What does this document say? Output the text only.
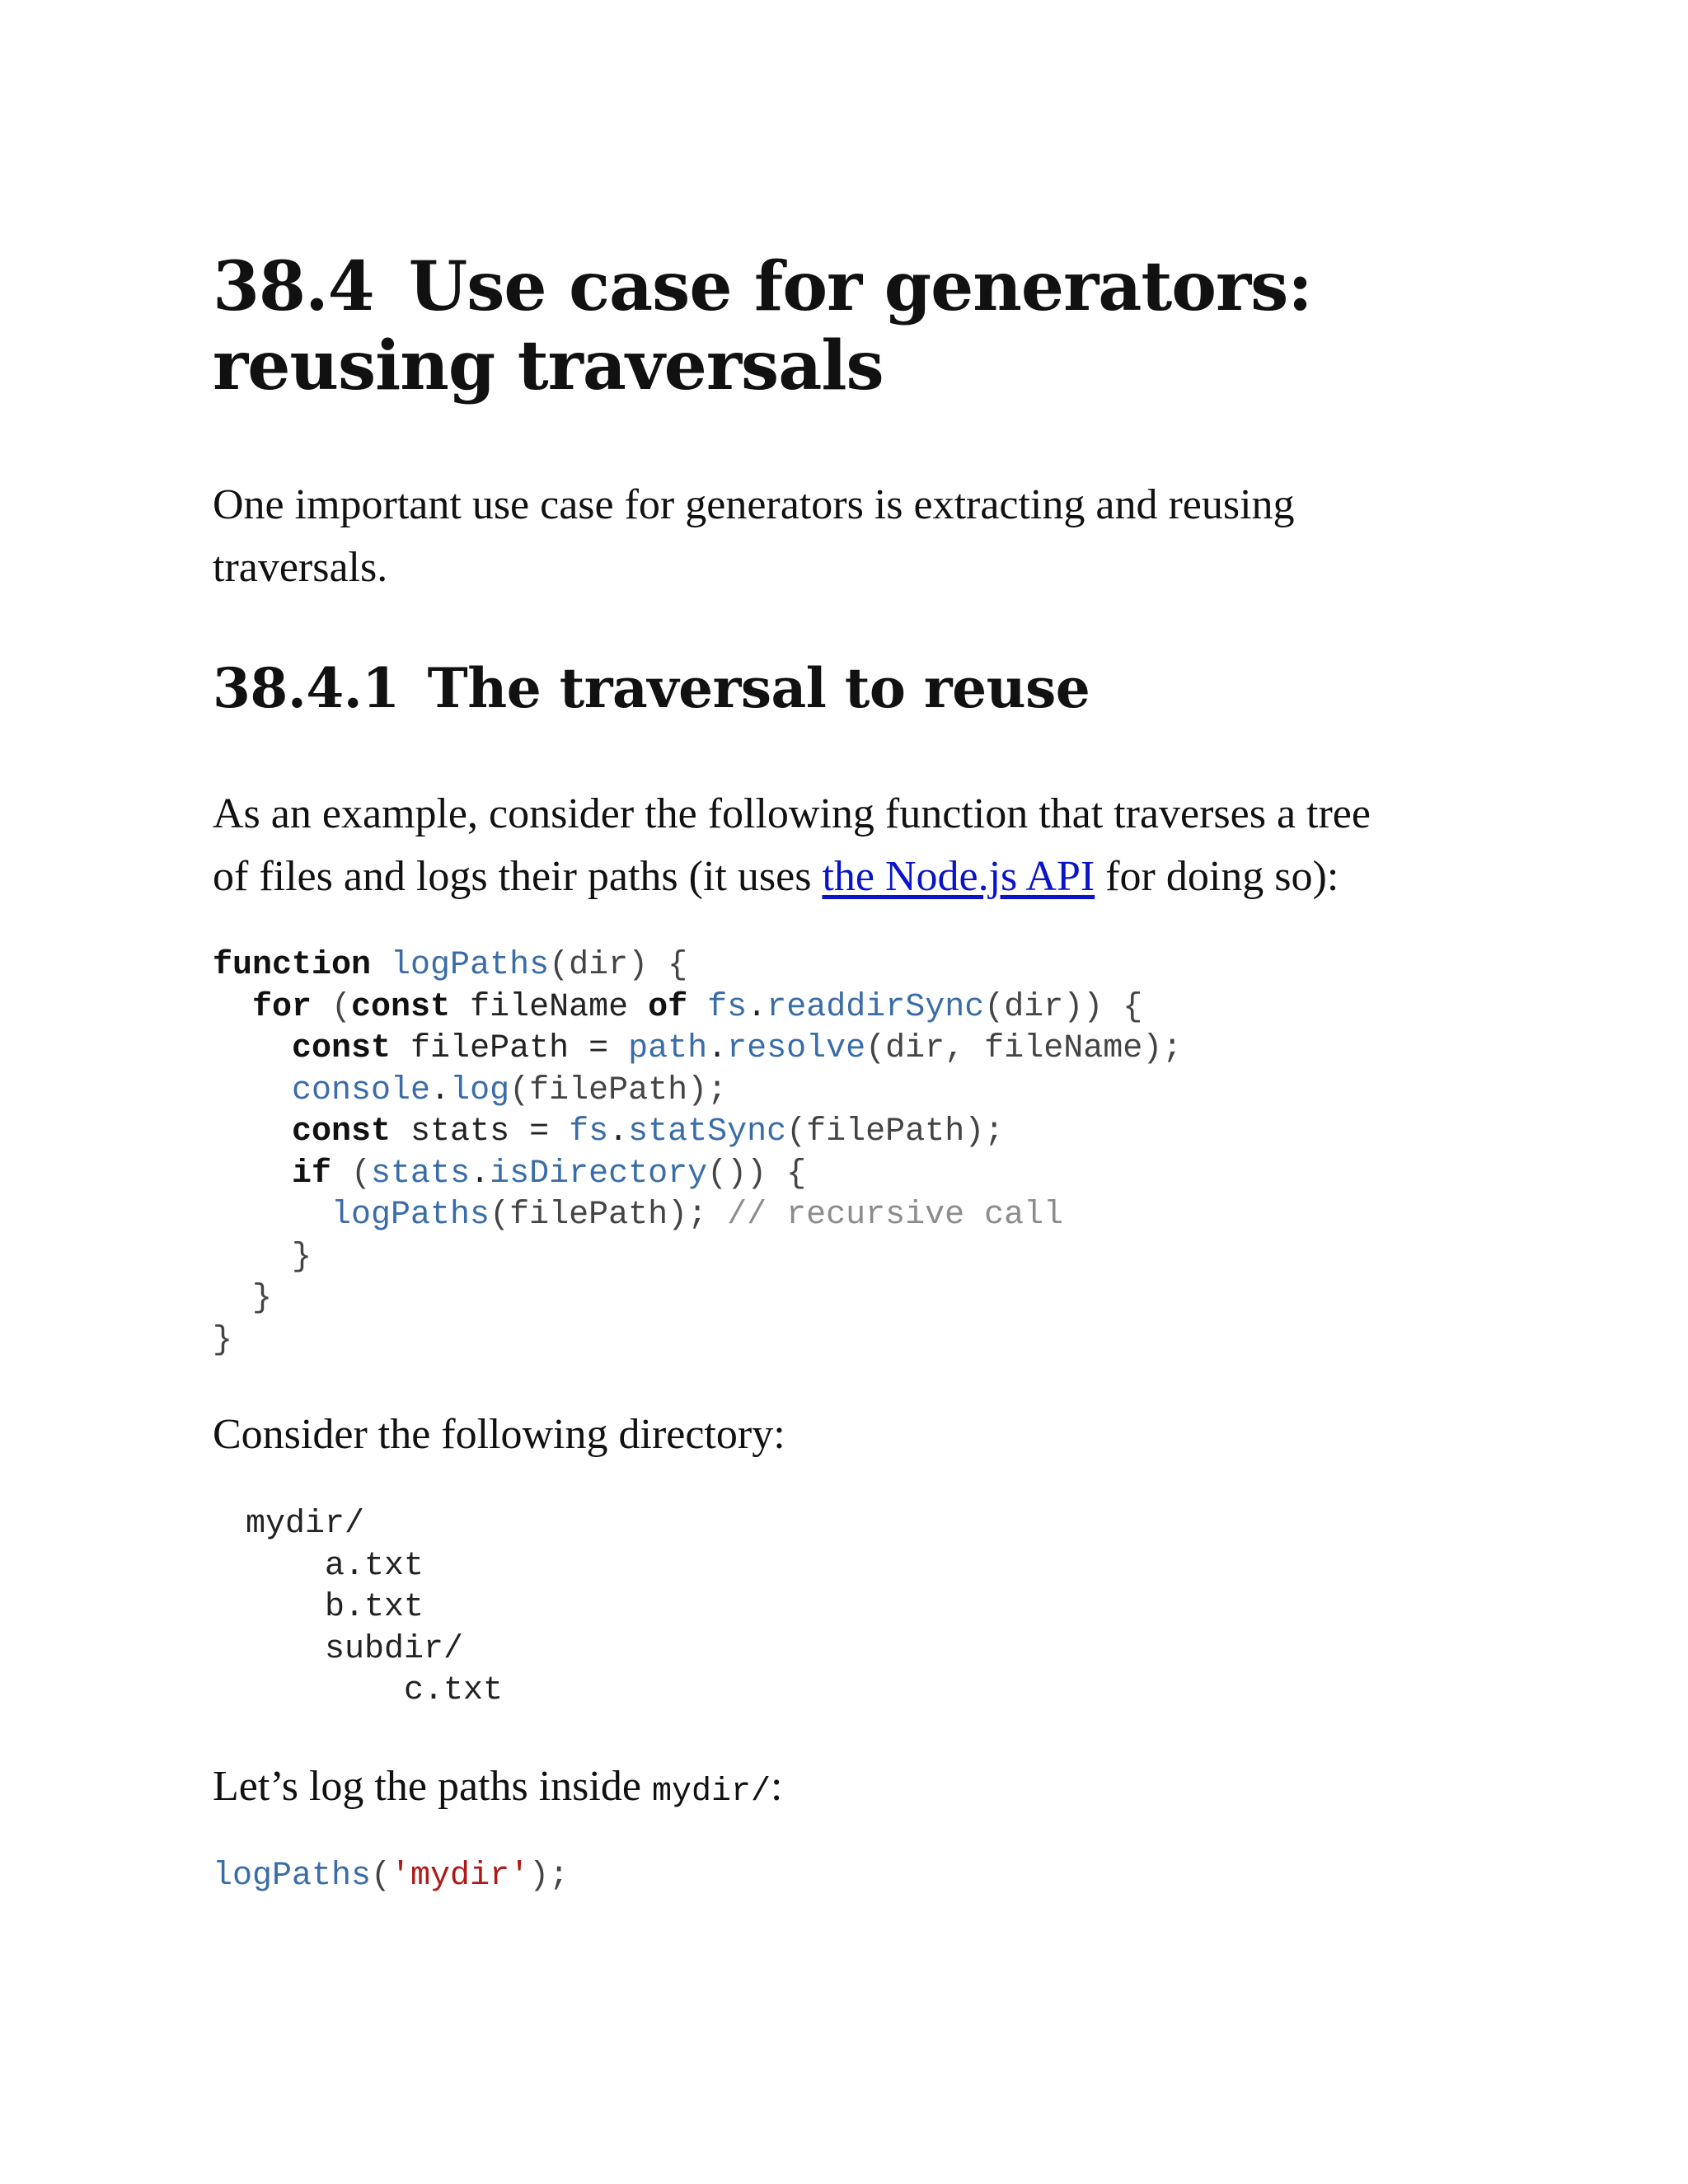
38.4 Use case for generators:
reusing traversals

One important use case for generators is extracting and reusing
traversals.

38.4.1 The traversal to reuse

As an example, consider the following function that traverses a tree
of files and logs their paths (it uses the Node.js API for doing so):

function logPaths(dir) {
for (const fileName of fs.readdirSync(dir)) {
const filePath = path.resolve(dir, fileName);
console.log(filePath);
const stats = fs.statSync(filePath);
if (stats.isDirectory()) {
logPaths(filePath); // recursive call
}
}
}

Consider the following directory:

mydir/
a.txt
b.txt
subdir/
c.txt

Let’s log the paths inside mydir/:

logPaths('mydir');
